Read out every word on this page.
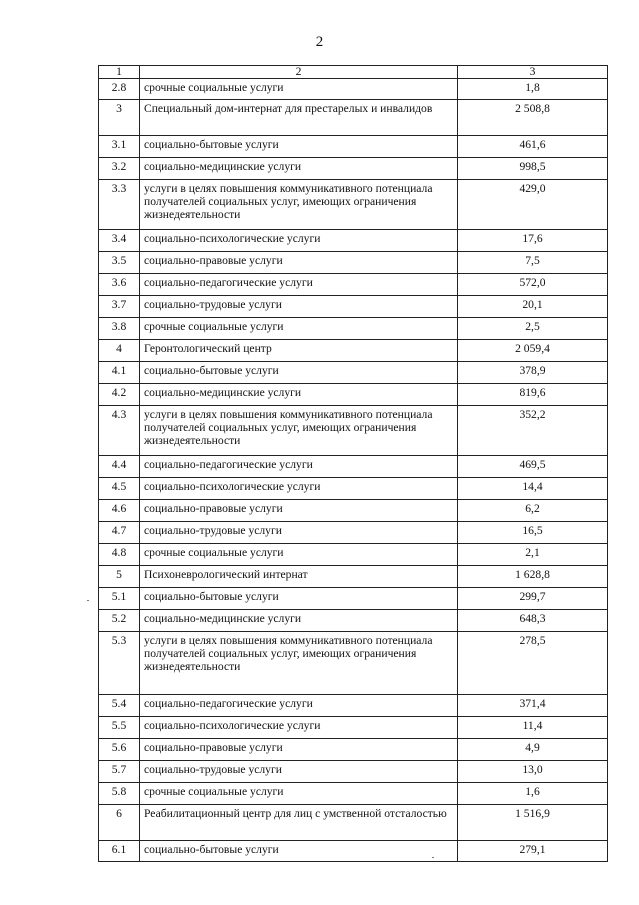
2
1	2	3
2.8	срочные социальные услуги	1,8
3	Специальный дом-интернат для престарелых и инвалидов	2 508,8
3.1	социально-бытовые услуги	461,6
3.2	социально-медицинские услуги	998,5
3.3	услуги в целях повышения коммуникативного потенциала получателей социальных услуг, имеющих ограничения жизнедеятельности	429,0
3.4	социально-психологические услуги	17,6
3.5	социально-правовые услуги	7,5
3.6	социально-педагогические услуги	572,0
3.7	социально-трудовые услуги	20,1
3.8	срочные социальные услуги	2,5
4	Геронтологический центр	2 059,4
4.1	социально-бытовые услуги	378,9
4.2	социально-медицинские услуги	819,6
4.3	услуги в целях повышения коммуникативного потенциала получателей социальных услуг, имеющих ограничения жизнедеятельности	352,2
4.4	социально-педагогические услуги	469,5
4.5	социально-психологические услуги	14,4
4.6	социально-правовые услуги	6,2
4.7	социально-трудовые услуги	16,5
4.8	срочные социальные услуги	2,1
5	Психоневрологический интернат	1 628,8
5.1	социально-бытовые услуги	299,7
5.2	социально-медицинские услуги	648,3
5.3	услуги в целях повышения коммуникативного потенциала получателей социальных услуг, имеющих ограничения жизнедеятельности	278,5
5.4	социально-педагогические услуги	371,4
5.5	социально-психологические услуги	11,4
5.6	социально-правовые услуги	4,9
5.7	социально-трудовые услуги	13,0
5.8	срочные социальные услуги	1,6
6	Реабилитационный центр для лиц с умственной отсталостью	1 516,9
6.1	социально-бытовые услуги	279,1
